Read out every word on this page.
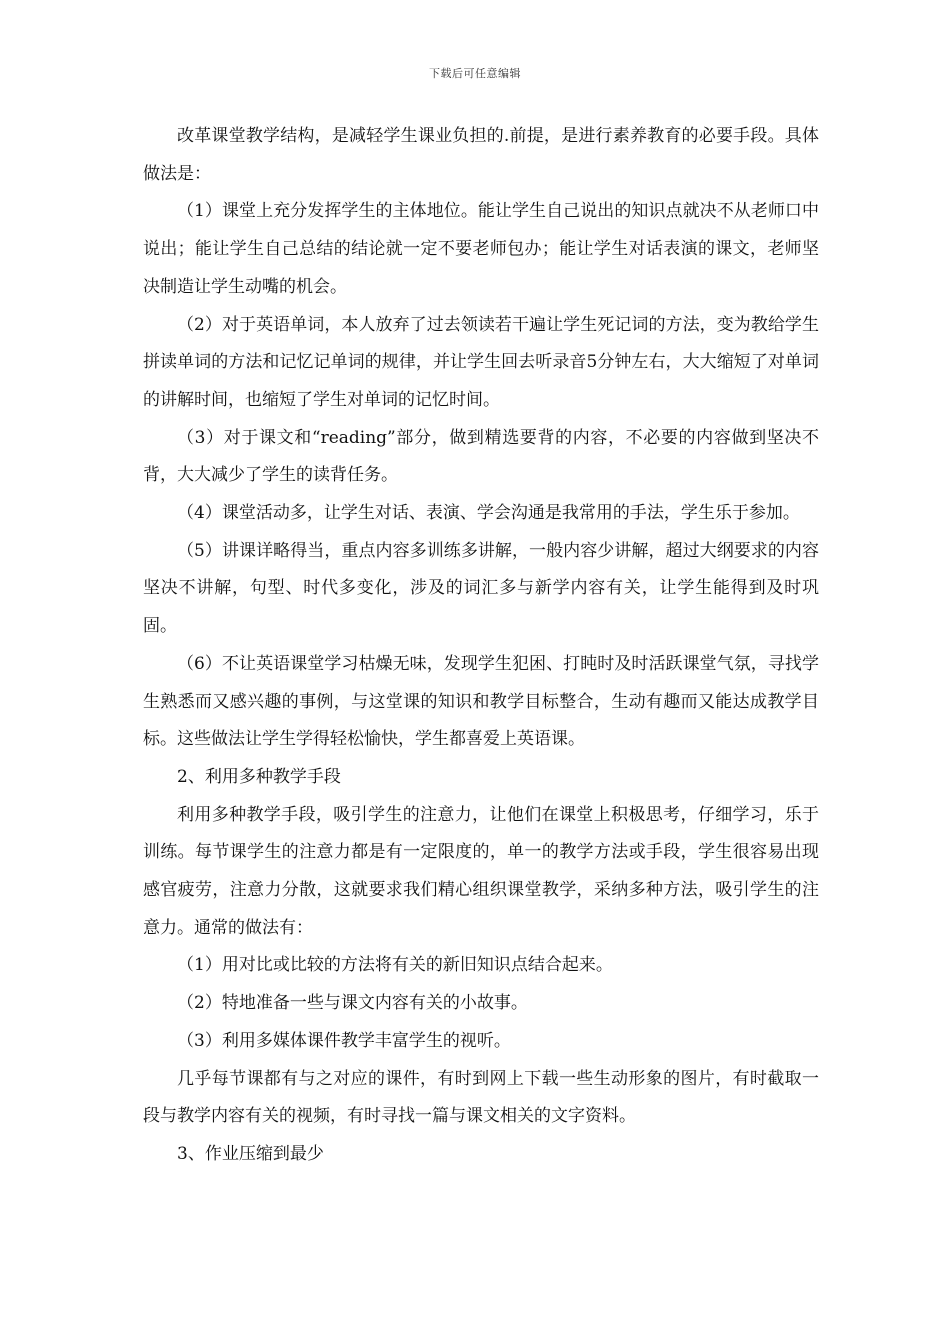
下载后可任意编辑

改革课堂教学结构，是减轻学生课业负担的.前提，是进行素养教育的必要手段。具体做法是：

（1）课堂上充分发挥学生的主体地位。能让学生自己说出的知识点就决不从老师口中说出；能让学生自己总结的结论就一定不要老师包办；能让学生对话表演的课文，老师坚决制造让学生动嘴的机会。

（2）对于英语单词，本人放弃了过去领读若干遍让学生死记词的方法，变为教给学生拼读单词的方法和记忆记单词的规律，并让学生回去听录音5分钟左右，大大缩短了对单词的讲解时间，也缩短了学生对单词的记忆时间。

（3）对于课文和“reading”部分，做到精选要背的内容，不必要的内容做到坚决不背，大大减少了学生的读背任务。

（4）课堂活动多，让学生对话、表演、学会沟通是我常用的手法，学生乐于参加。

（5）讲课详略得当，重点内容多训练多讲解，一般内容少讲解，超过大纲要求的内容坚决不讲解，句型、时代多变化，涉及的词汇多与新学内容有关，让学生能得到及时巩固。

（6）不让英语课堂学习枯燥无味，发现学生犯困、打盹时及时活跃课堂气氛，寻找学生熟悉而又感兴趣的事例，与这堂课的知识和教学目标整合，生动有趣而又能达成教学目标。这些做法让学生学得轻松愉快，学生都喜爱上英语课。

2、利用多种教学手段

利用多种教学手段，吸引学生的注意力，让他们在课堂上积极思考，仔细学习，乐于训练。每节课学生的注意力都是有一定限度的，单一的教学方法或手段，学生很容易出现感官疲劳，注意力分散，这就要求我们精心组织课堂教学，采纳多种方法，吸引学生的注意力。通常的做法有：

（1）用对比或比较的方法将有关的新旧知识点结合起来。

（2）特地准备一些与课文内容有关的小故事。

（3）利用多媒体课件教学丰富学生的视听。

几乎每节课都有与之对应的课件，有时到网上下载一些生动形象的图片，有时截取一段与教学内容有关的视频，有时寻找一篇与课文相关的文字资料。

3、作业压缩到最少
